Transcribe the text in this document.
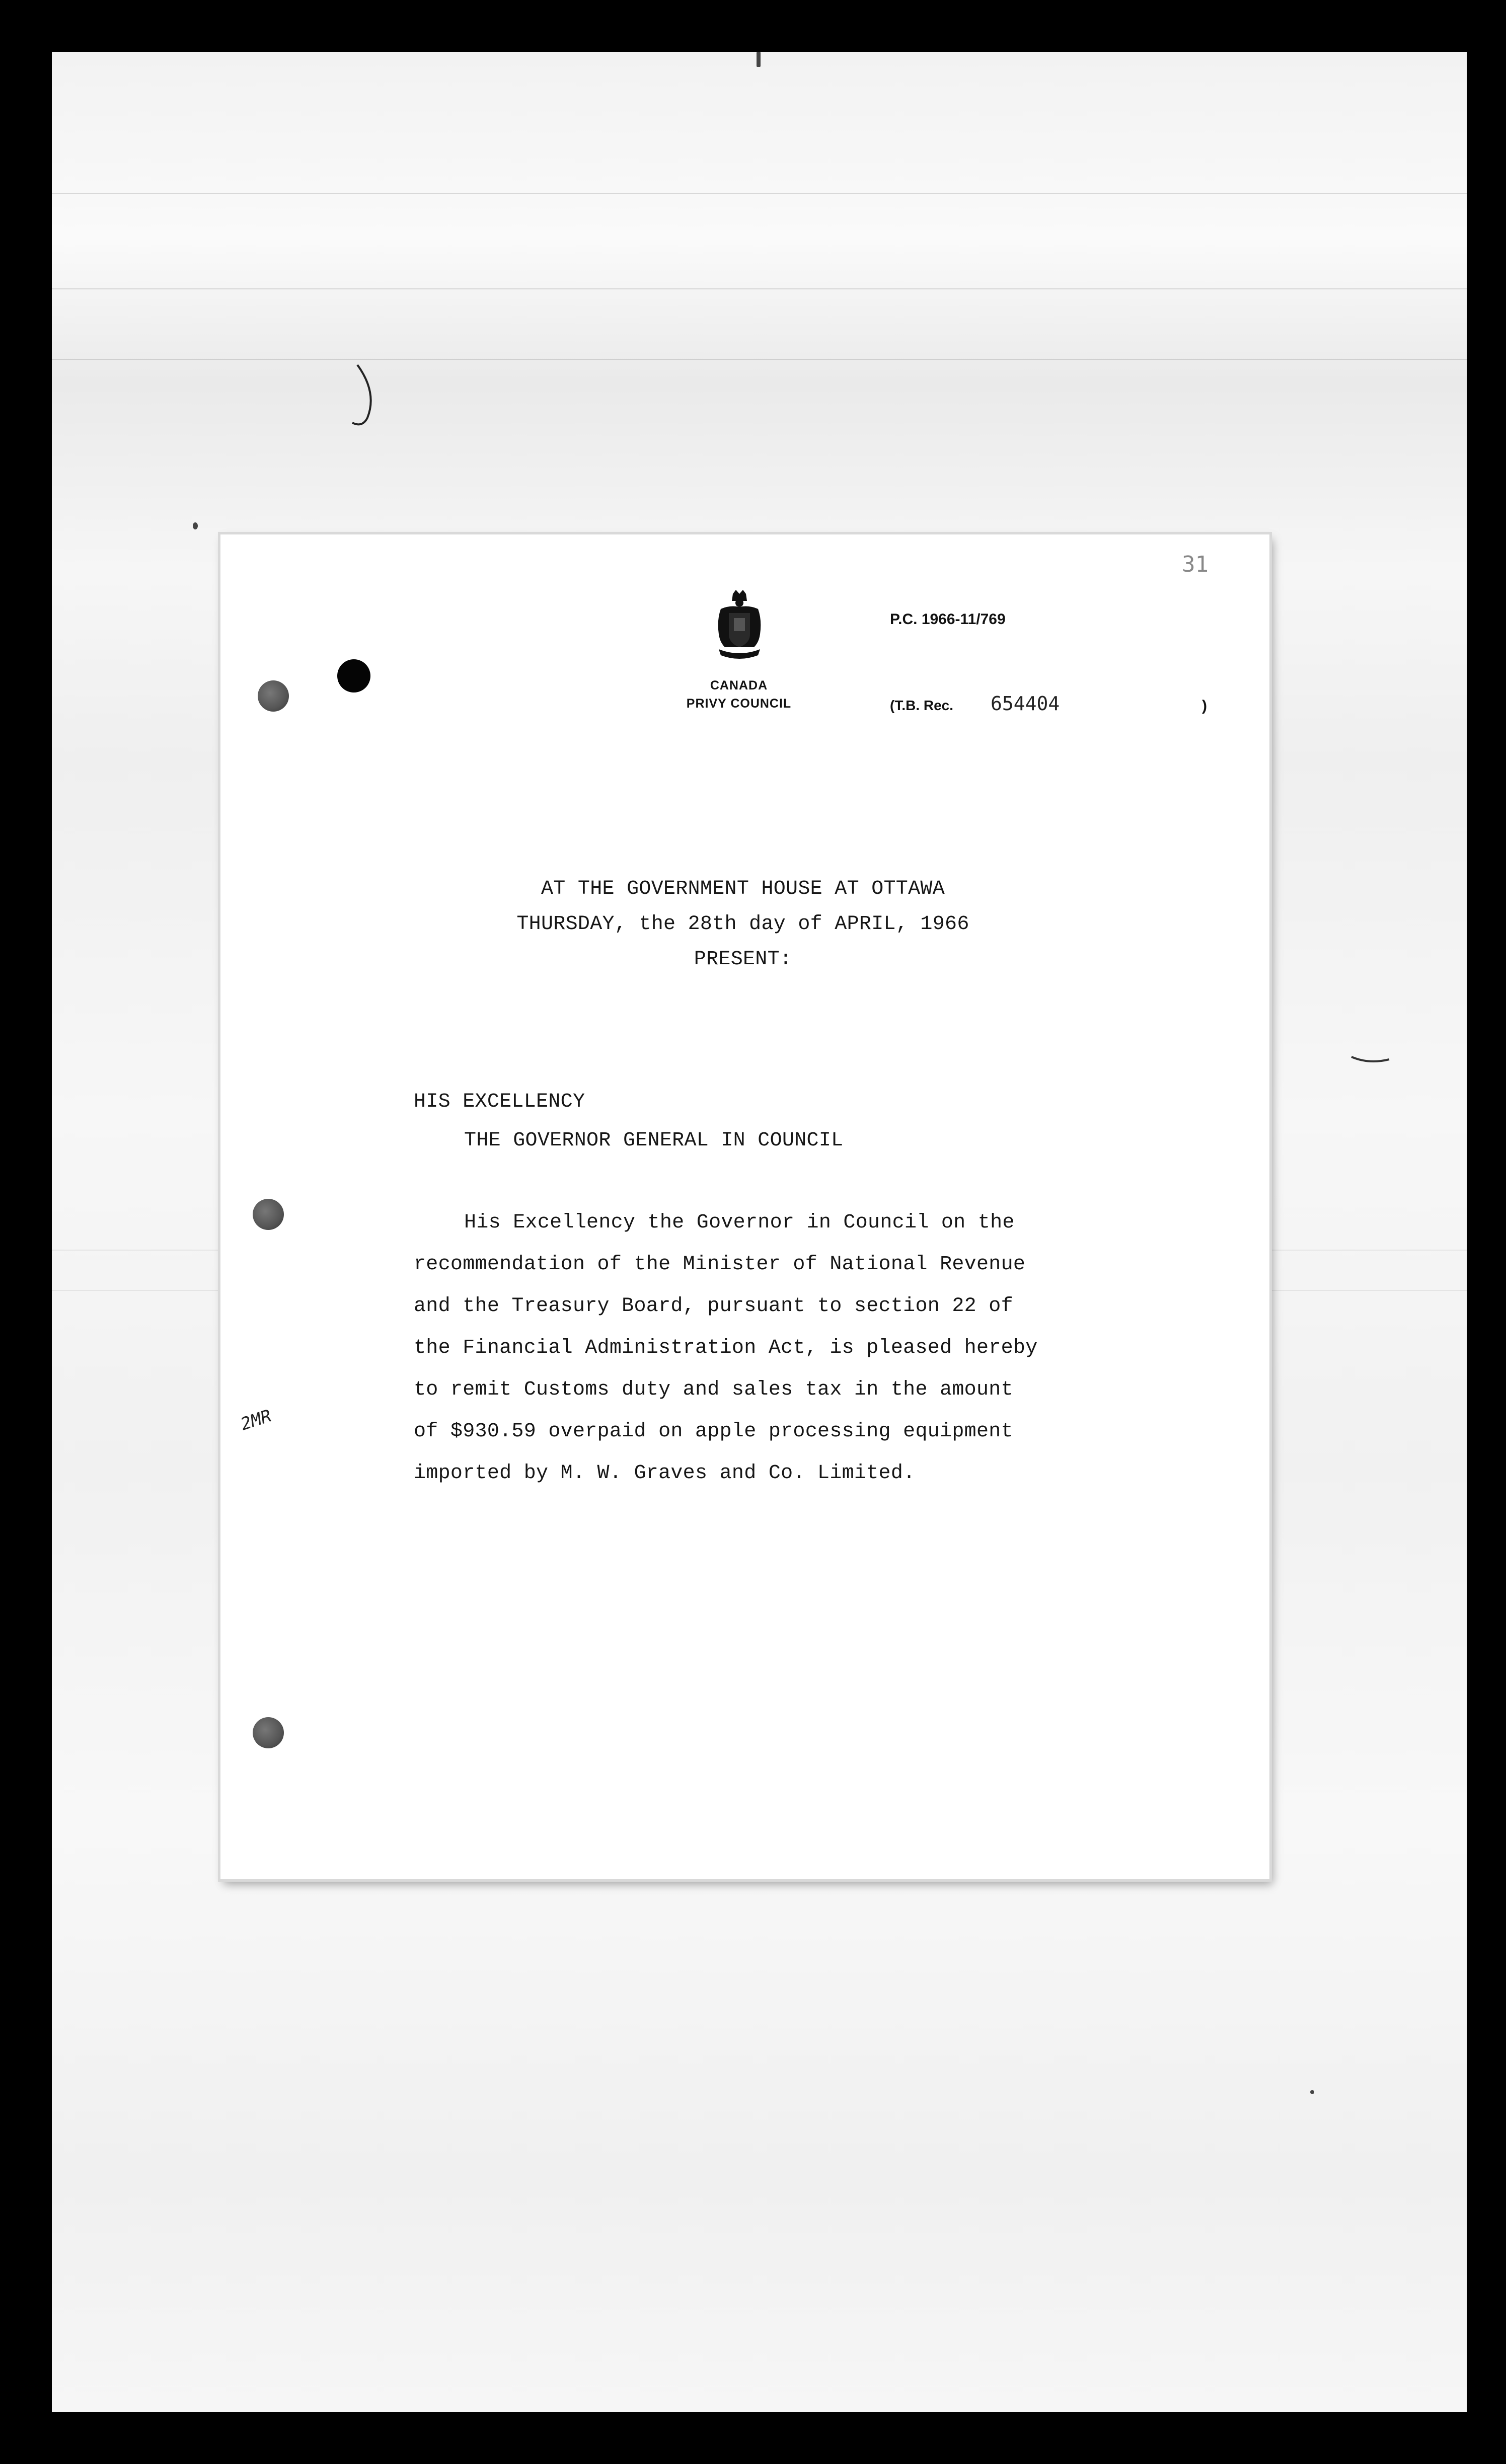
31
CANADA
PRIVY COUNCIL
P.C. 1966-11/769
(T.B. Rec. 654404	)
AT THE GOVERNMENT HOUSE AT OTTAWA
THURSDAY, the 28th day of APRIL, 1966
PRESENT:
HIS EXCELLENCY
THE GOVERNOR GENERAL IN COUNCIL
His Excellency the Governor in Council on the
recommendation of the Minister of National Revenue
and the Treasury Board, pursuant to section 22 of
the Financial Administration Act, is pleased hereby
to remit Customs duty and sales tax in the amount
of $930.59 overpaid on apple processing equipment
imported by M. W. Graves and Co. Limited.
2MR
